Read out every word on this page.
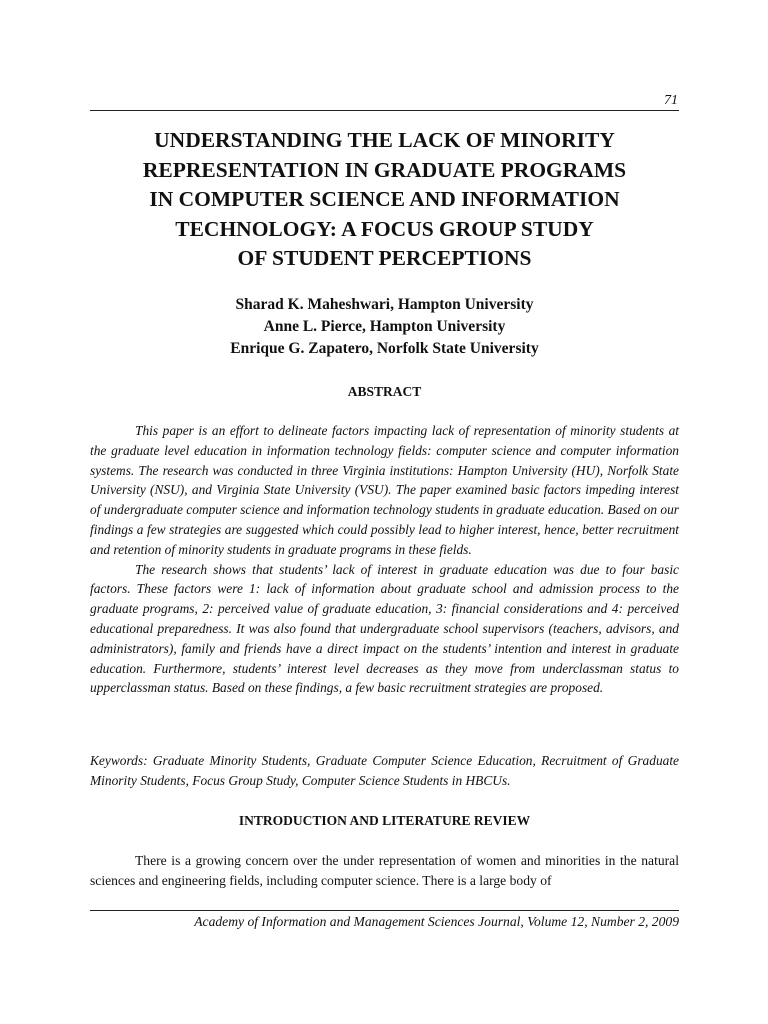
71
UNDERSTANDING THE LACK OF MINORITY
REPRESENTATION IN GRADUATE PROGRAMS
IN COMPUTER SCIENCE AND INFORMATION
TECHNOLOGY: A FOCUS GROUP STUDY
OF STUDENT PERCEPTIONS
Sharad K. Maheshwari, Hampton University
Anne L. Pierce, Hampton University
Enrique G. Zapatero, Norfolk State University
ABSTRACT

This paper is an effort to delineate factors impacting lack of representation of minority students at the graduate level education in information technology fields: computer science and computer information systems. The research was conducted in three Virginia institutions: Hampton University (HU), Norfolk State University (NSU), and Virginia State University (VSU). The paper examined basic factors impeding interest of undergraduate computer science and information technology students in graduate education. Based on our findings a few strategies are suggested which could possibly lead to higher interest, hence, better recruitment and retention of minority students in graduate programs in these fields.

The research shows that students’ lack of interest in graduate education was due to four basic factors. These factors were 1: lack of information about graduate school and admission process to the graduate programs, 2: perceived value of graduate education, 3: financial considerations and 4: perceived educational preparedness. It was also found that undergraduate school supervisors (teachers, advisors, and administrators), family and friends have a direct impact on the students’ intention and interest in graduate education. Furthermore, students’ interest level decreases as they move from underclassman status to upperclassman status. Based on these findings, a few basic recruitment strategies are proposed.

Keywords: Graduate Minority Students, Graduate Computer Science Education, Recruitment of Graduate Minority Students, Focus Group Study, Computer Science Students in HBCUs.

INTRODUCTION AND LITERATURE REVIEW

There is a growing concern over the under representation of women and minorities in the natural sciences and engineering fields, including computer science. There is a large body of

Academy of Information and Management Sciences Journal, Volume 12, Number 2, 2009
